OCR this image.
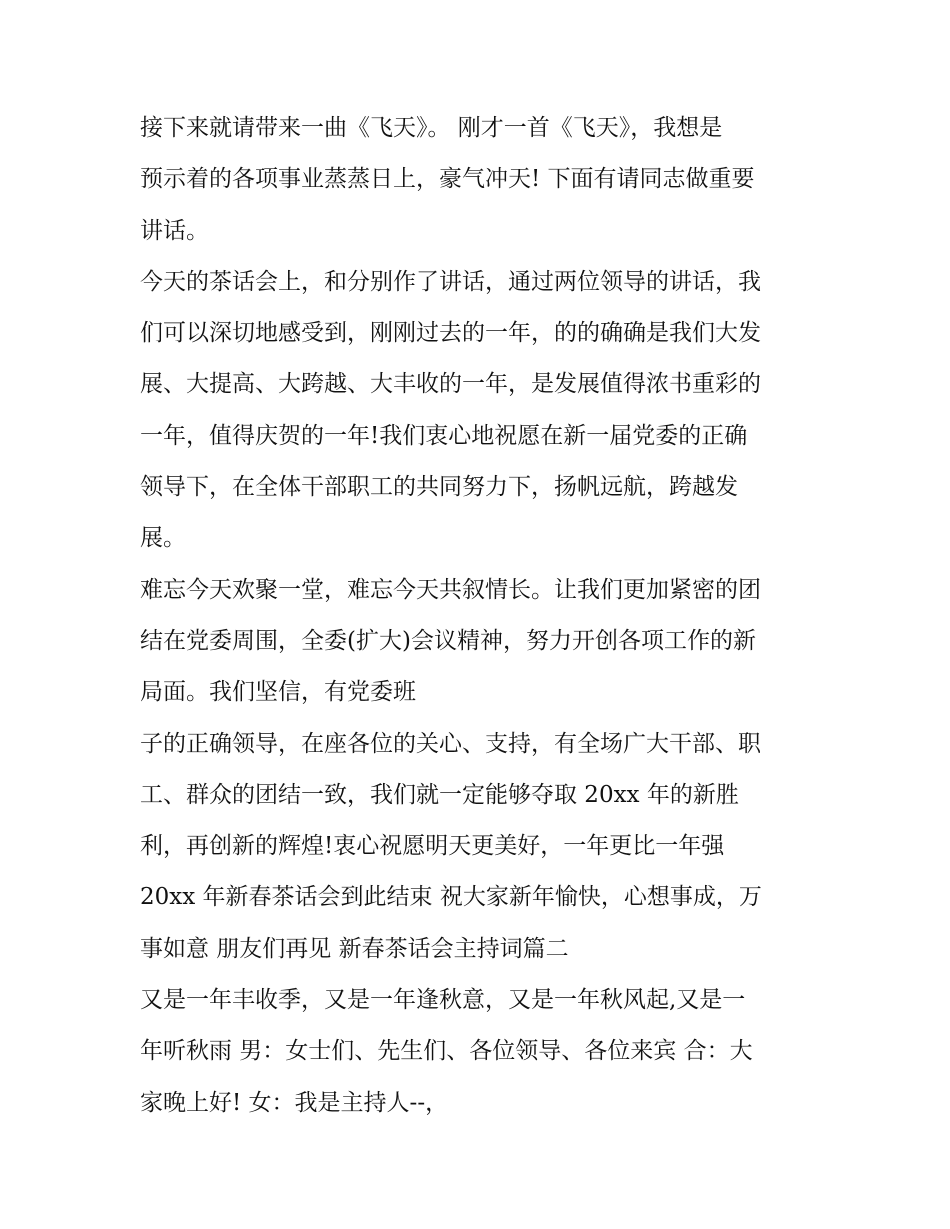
接下来就请带来一曲《飞天》。 刚才一首《飞天》，我想是
预示着的各项事业蒸蒸日上，豪气冲天! 下面有请同志做重要
讲话。
今天的茶话会上，和分别作了讲话，通过两位领导的讲话，我
们可以深切地感受到，刚刚过去的一年，的的确确是我们大发
展、大提高、大跨越、大丰收的一年，是发展值得浓书重彩的
一年，值得庆贺的一年!我们衷心地祝愿在新一届党委的正确
领导下，在全体干部职工的共同努力下，扬帆远航，跨越发
展。
难忘今天欢聚一堂，难忘今天共叙情长。让我们更加紧密的团
结在党委周围，全委(扩大)会议精神，努力开创各项工作的新
局面。我们坚信，有党委班
子的正确领导，在座各位的关心、支持，有全场广大干部、职
工、群众的团结一致，我们就一定能够夺取 20xx 年的新胜
利，再创新的辉煌!衷心祝愿明天更美好，一年更比一年强
20xx 年新春茶话会到此结束 祝大家新年愉快，心想事成，万
事如意 朋友们再见 新春茶话会主持词篇二
又是一年丰收季，又是一年逢秋意，又是一年秋风起,又是一
年听秋雨 男：女士们、先生们、各位领导、各位来宾 合：大
家晚上好! 女：我是主持人--，
